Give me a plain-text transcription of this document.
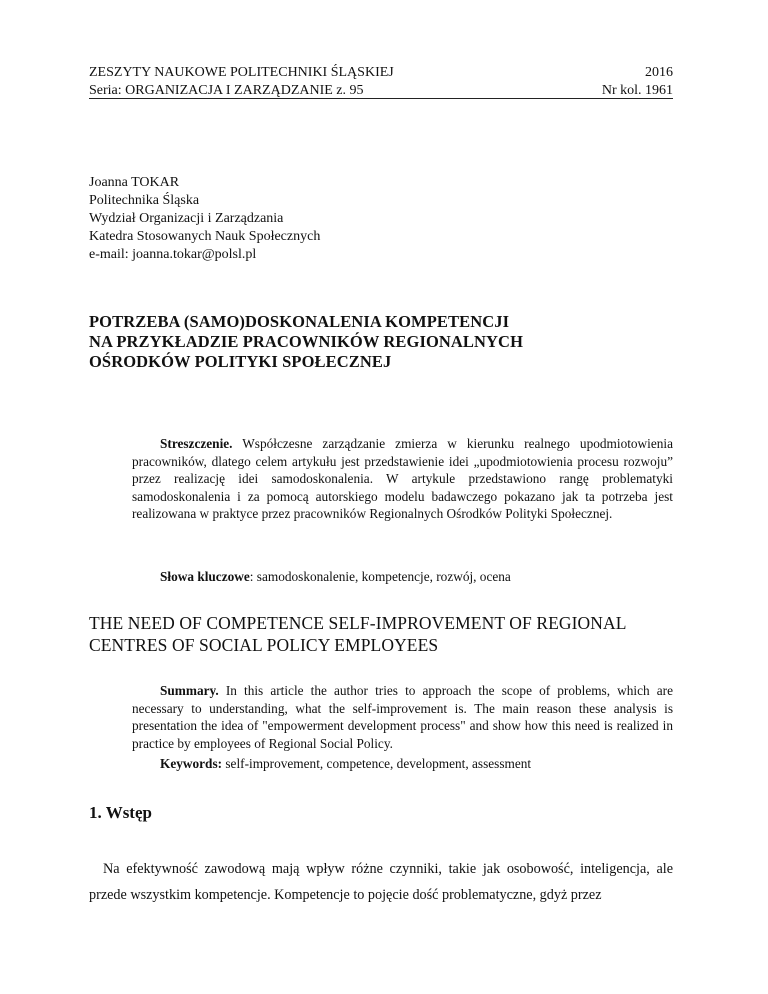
ZESZYTY NAUKOWE POLITECHNIKI ŚLĄSKIEJ
Seria: ORGANIZACJA I ZARZĄDZANIE z. 95
2016
Nr kol. 1961
Joanna TOKAR
Politechnika Śląska
Wydział Organizacji i Zarządzania
Katedra Stosowanych Nauk Społecznych
e-mail: joanna.tokar@polsl.pl
POTRZEBA (SAMO)DOSKONALENIA KOMPETENCJI
NA PRZYKŁADZIE PRACOWNIKÓW REGIONALNYCH
OŚRODKÓW POLITYKI SPOŁECZNEJ
Streszczenie. Współczesne zarządzanie zmierza w kierunku realnego upodmiotowienia pracowników, dlatego celem artykułu jest przedstawienie idei „upodmiotowienia procesu rozwoju” przez realizację idei samodoskonalenia. W artykule przedstawiono rangę problematyki samodoskonalenia i za pomocą autorskiego modelu badawczego pokazano jak ta potrzeba jest realizowana w praktyce przez pracowników Regionalnych Ośrodków Polityki Społecznej.
Słowa kluczowe: samodoskonalenie, kompetencje, rozwój, ocena
THE NEED OF COMPETENCE SELF-IMPROVEMENT OF REGIONAL
CENTRES OF SOCIAL POLICY EMPLOYEES
Summary. In this article the author tries to approach the scope of problems, which are necessary to understanding, what the self-improvement is. The main reason these analysis is presentation the idea of "empowerment development process" and show how this need is realized in practice by employees of Regional Social Policy.
Keywords: self-improvement, competence, development, assessment
1. Wstęp
Na efektywność zawodową mają wpływ różne czynniki, takie jak osobowość, inteligencja, ale przede wszystkim kompetencje. Kompetencje to pojęcie dość problematyczne, gdyż przez
